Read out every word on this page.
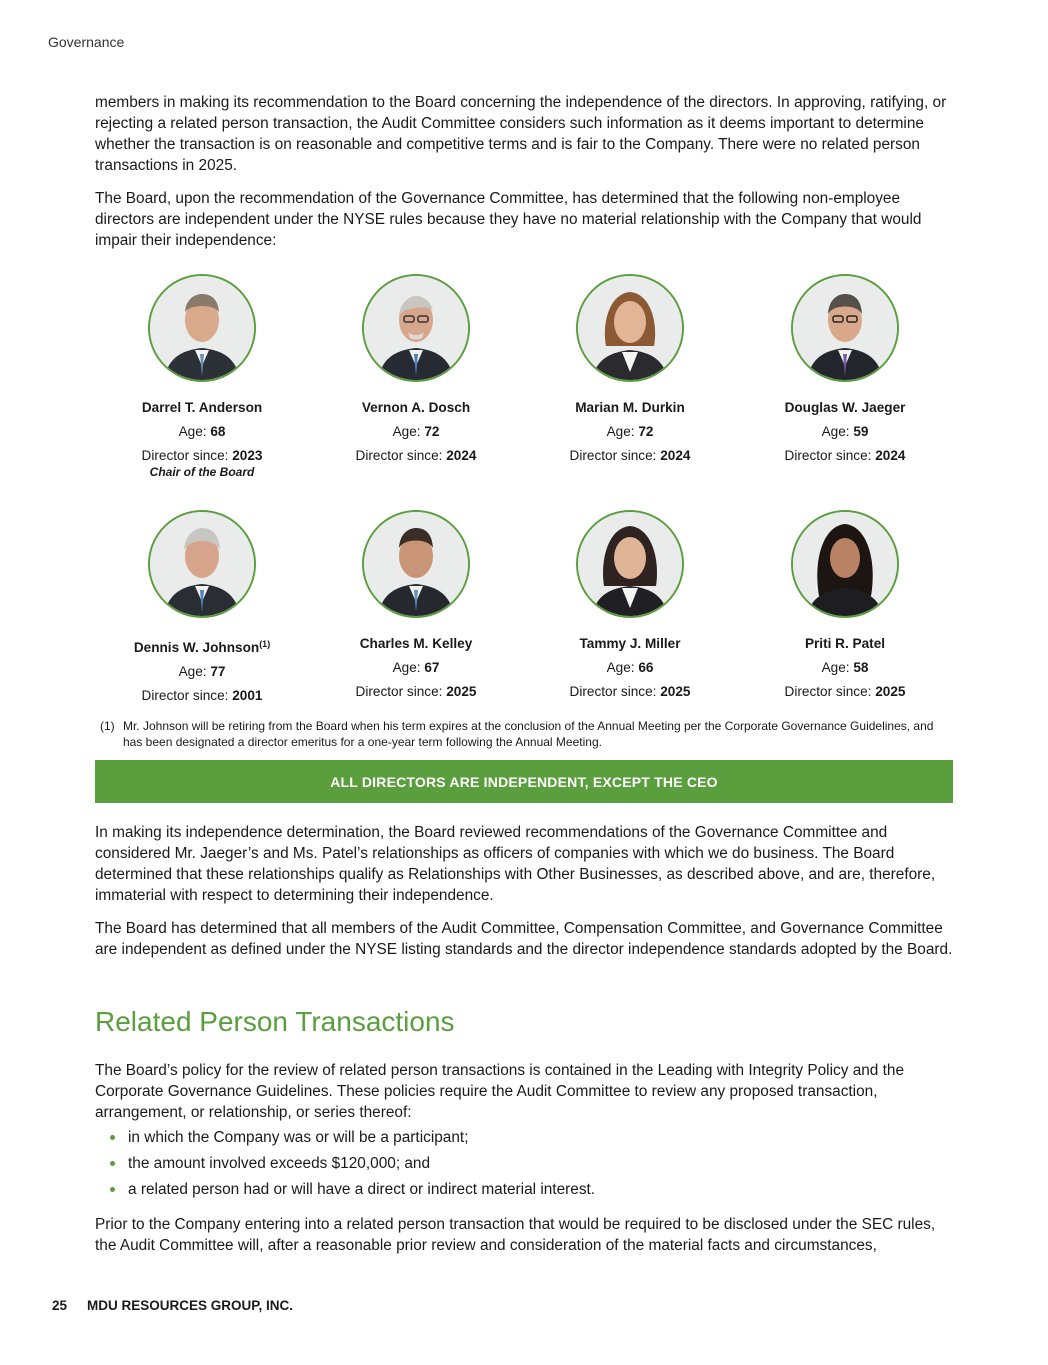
Governance

members in making its recommendation to the Board concerning the independence of the directors. In approving, ratifying, or rejecting a related person transaction, the Audit Committee considers such information as it deems important to determine whether the transaction is on reasonable and competitive terms and is fair to the Company. There were no related person transactions in 2025.

The Board, upon the recommendation of the Governance Committee, has determined that the following non-employee directors are independent under the NYSE rules because they have no material relationship with the Company that would impair their independence:

Darrel T. Anderson
Age: 68
Director since: 2023
Chair of the Board
Vernon A. Dosch
Age: 72
Director since: 2024
Marian M. Durkin
Age: 72
Director since: 2024
Douglas W. Jaeger
Age: 59
Director since: 2024
Dennis W. Johnson$^{(1)}$
Age: 77
Director since: 2001
Charles M. Kelley
Age: 67
Director since: 2025
Tammy J. Miller
Age: 66
Director since: 2025
Priti R. Patel
Age: 58
Director since: 2025
(1) Mr. Johnson will be retiring from the Board when his term expires at the conclusion of the Annual Meeting per the Corporate Governance Guidelines, and has been designated a director emeritus for a one-year term following the Annual Meeting.
ALL DIRECTORS ARE INDEPENDENT, EXCEPT THE CEO

In making its independence determination, the Board reviewed recommendations of the Governance Committee and considered Mr. Jaeger’s and Ms. Patel’s relationships as officers of companies with which we do business. The Board determined that these relationships qualify as Relationships with Other Businesses, as described above, and are, therefore, immaterial with respect to determining their independence.

The Board has determined that all members of the Audit Committee, Compensation Committee, and Governance Committee are independent as defined under the NYSE listing standards and the director independence standards adopted by the Board.

Related Person Transactions

The Board’s policy for the review of related person transactions is contained in the Leading with Integrity Policy and the Corporate Governance Guidelines. These policies require the Audit Committee to review any proposed transaction, arrangement, or relationship, or series thereof:

in which the Company was or will be a participant;
the amount involved exceeds $120,000; and
a related person had or will have a direct or indirect material interest.

Prior to the Company entering into a related person transaction that would be required to be disclosed under the SEC rules, the Audit Committee will, after a reasonable prior review and consideration of the material facts and circumstances,

25 MDU RESOURCES GROUP, INC.
